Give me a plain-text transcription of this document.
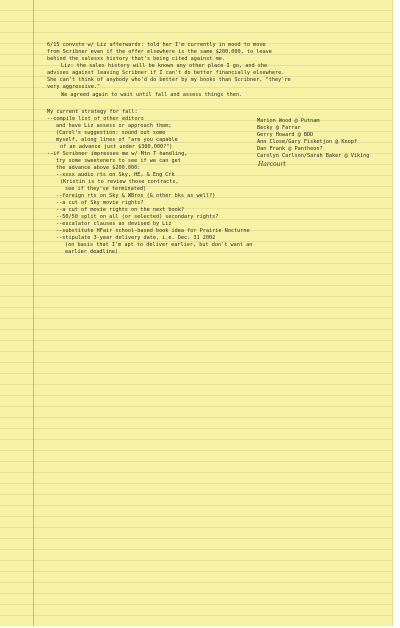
6/15 convstn w/ Liz afterwards: told her I'm currently in mood to move
from Scribner even if the offer elsewhere is the same $200,000, to leave
behind the salesxx history that's being cited against me.
Liz: the sales history will be known any other place I go, and she
advises against leaving Scribner if I can't do better financially elsewhere.
She can't think of anybody who'd do better by my books than Scribner, "they're
very aggressive."
We agreed again to wait until fall and assess things then.
My current strategy for fall:
--compile list of other editors
and have Liz assess or approach them;
(Carol's suggestion: sound out some
myself, along lines of "are you capable
of an advance just under $300,000?")
--if Scribner impresses me w/ Mtn T handling,
try some sweeteners to see if we can get
the advance above $200,000:
--xxxx audio rts on Sky, HE, & Eng Crk
(Kristin is to review those contracts,
see if they've terminated)
--foreign rts on Sky & WBros (& other bks as well?)
--a cut of Sky movie rights?
--a cut of movie rights on the next book?
--50/50 split on all (or selected) secondary rights?
--escalator clauses as devised by Liz
--substitute HFair school-based book idea for Prairie Nocturne
--stipulate 3-year delivery date, i.e. Dec. 31 2002
(on basis that I'm apt to deliver earlier, but don't want an
earlier deadline)
Marion Wood @ Putnam
Becky @ Farrar
Gerry Howard @ BDD
Ann Close/Gary Fisketjon @ Knopf
Dan Frank @ Pantheon?
Carolyn Carlson/Sarah Baker @ Viking
Harcourt
